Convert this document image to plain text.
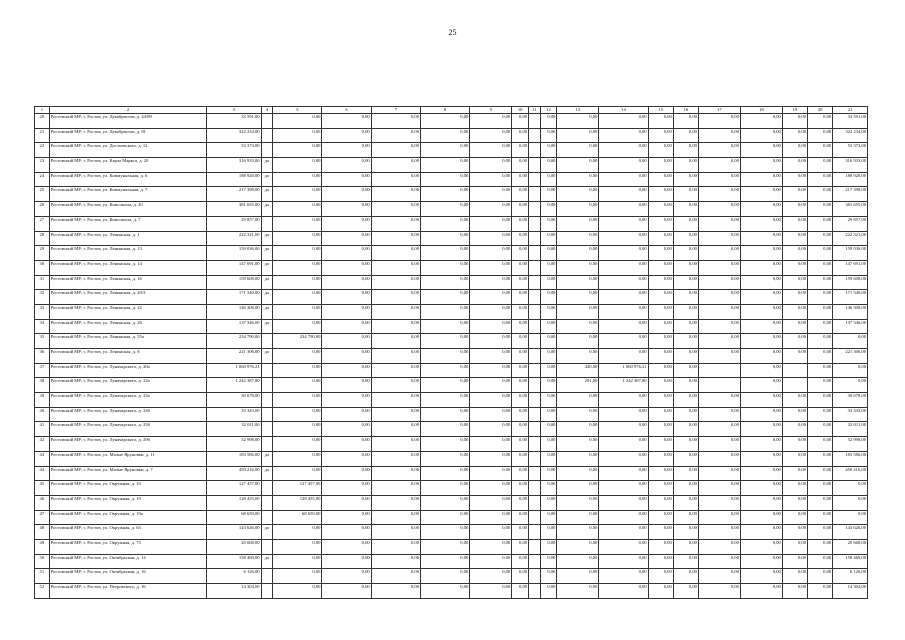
25
1	2	3	4	5	6	7	8	9	10	11	12	13	14	15	16	17	18	19	20	21
20	Ростовский МР; г. Ростов, ул. Декабристов, д. 44/89	33 591,00		0,00	0,00	0,00	0,00	0,00	0,00		0,00	0,00	0,00	0,00	0,00	0,00	0,00	0,00	0,00	33 591,00
21	Ростовский МР; г. Ростов, ул. Декабристов, д. 81	322 234,00		0,00	0,00	0,00	0,00	0,00	0,00		0,00	0,00	0,00	0,00	0,00	0,00	0,00	0,00	0,00	322 234,00
22	Ростовский МР; г. Ростов, ул. Достоевского, д. 12	53 373,00		0,00	0,00	0,00	0,00	0,00	0,00		0,00	0,00	0,00	0,00	0,00	0,00	0,00	0,00	0,00	53 373,00
23	Ростовский МР; г. Ростов, ул. Карла Маркса, д. 20	316 933,00	да	0,00	0,00	0,00	0,00	0,00	0,00		0,00	0,00	0,00	0,00	0,00	0,00	0,00	0,00	0,00	316 933,00
24	Ростовский МР; г. Ростов, ул. Коммунальная, д. 6	188 920,00	да	0,00	0,00	0,00	0,00	0,00	0,00		0,00	0,00	0,00	0,00	0,00	0,00	0,00	0,00	0,00	188 920,00
25	Ростовский МР; г. Ростов, ул. Коммунальная, д. 7	217 398,00	да	0,00	0,00	0,00	0,00	0,00	0,00		0,00	0,00	0,00	0,00	0,00	0,00	0,00	0,00	0,00	217 398,00
26	Ростовский МР; г. Ростов, ул. Комсомола, д. 20	381 655,00	да	0,00	0,00	0,00	0,00	0,00	0,00		0,00	0,00	0,00	0,00	0,00	0,00	0,00	0,00	0,00	381 655,00
27	Ростовский МР; г. Ростов, ул. Комсомола, д. 7	29 857,00		0,00	0,00	0,00	0,00	0,00	0,00		0,00	0,00	0,00	0,00	0,00	0,00	0,00	0,00	0,00	29 857,00
28	Ростовский МР; г. Ростов, ул. Ленинская, д. 1	222 321,00	да	0,00	0,00	0,00	0,00	0,00	0,00		0,00	0,00	0,00	0,00	0,00	0,00	0,00	0,00	0,00	222 321,00
29	Ростовский МР; г. Ростов, ул. Ленинская, д. 13	159 036,00	да	0,00	0,00	0,00	0,00	0,00	0,00		0,00	0,00	0,00	0,00	0,00	0,00	0,00	0,00	0,00	159 036,00
30	Ростовский МР; г. Ростов, ул. Ленинская, д. 14	147 691,00	да	0,00	0,00	0,00	0,00	0,00	0,00		0,00	0,00	0,00	0,00	0,00	0,00	0,00	0,00	0,00	147 691,00
31	Ростовский МР; г. Ростов, ул. Ленинская, д. 16	159 608,00	да	0,00	0,00	0,00	0,00	0,00	0,00		0,00	0,00	0,00	0,00	0,00	0,00	0,00	0,00	0,00	159 608,00
32	Ростовский МР; г. Ростов, ул. Ленинская, д. 20/3	171 340,00	да	0,00	0,00	0,00	0,00	0,00	0,00		0,00	0,00	0,00	0,00	0,00	0,00	0,00	0,00	0,00	171 340,00
33	Ростовский МР; г. Ростов, ул. Ленинская, д. 22	146 308,00	да	0,00	0,00	0,00	0,00	0,00	0,00		0,00	0,00	0,00	0,00	0,00	0,00	0,00	0,00	0,00	146 308,00
34	Ростовский МР; г. Ростов, ул. Ленинская, д. 26	137 346,00	да	0,00	0,00	0,00	0,00	0,00	0,00		0,00	0,00	0,00	0,00	0,00	0,00	0,00	0,00	0,00	137 346,00
35	Ростовский МР; г. Ростов, ул. Ленинская, д. 55а	234 790,00		234 790,00	0,00	0,00	0,00	0,00	0,00		0,00	0,00	0,00	0,00	0,00	0,00	0,00	0,00	0,00	0,00
36	Ростовский МР; г. Ростов, ул. Ленинская, д. 8	221 306,00	да	0,00	0,00	0,00	0,00	0,00	0,00		0,00	0,00	0,00	0,00	0,00	0,00	0,00	0,00	0,00	221 306,00
37	Ростовский МР; г. Ростов, ул. Луначарского, д. 20а	1 060 976,21		0,00	0,00	0,00	0,00	0,00	0,00		0,00	420,00	1 060 976,21	0,00	0,00		0,00		0,00	0,00
38	Ростовский МР; г. Ростов, ул. Луначарского, д. 22а	1 242 387,80		0,00	0,00	0,00	0,00	0,00	0,00		0,00	291,00	1 242 387,80	0,00	0,00		0,00		0,00	0,00
39	Ростовский МР; г. Ростов, ул. Луначарского, д. 23а	30 678,00		0,00	0,00	0,00	0,00	0,00	0,00		0,00	0,00	0,00	0,00	0,00	0,00	0,00	0,00	0,00	30 678,00
40	Ростовский МР; г. Ростов, ул. Луначарского, д. 24б	33 343,00		0,00	0,00	0,00	0,00	0,00	0,00		0,00	0,00	0,00	0,00	0,00	0,00	0,00	0,00	0,00	33 343,00
41	Ростовский МР; г. Ростов, ул. Луначарского, д. 25б	32 011,00		0,00	0,00	0,00	0,00	0,00	0,00		0,00	0,00	0,00	0,00	0,00	0,00	0,00	0,00	0,00	32 011,00
42	Ростовский МР; г. Ростов, ул. Луначарского, д. 29б	52 998,00		0,00	0,00	0,00	0,00	0,00	0,00		0,00	0,00	0,00	0,00	0,00	0,00	0,00	0,00	0,00	52 998,00
43	Ростовский МР; г. Ростов, ул. Малые Яруновки, д. 11	183 586,00	да	0,00	0,00	0,00	0,00	0,00	0,00		0,00	0,00	0,00	0,00	0,00	0,00	0,00	0,00	0,00	183 586,00
44	Ростовский МР; г. Ростов, ул. Малые Яруновки, д. 7	450 216,00	да	0,00	0,00	0,00	0,00	0,00	0,00		0,00	0,00	0,00	0,00	0,00	0,00	0,00	0,00	0,00	450 216,00
45	Ростовский МР; г. Ростов, ул. Окружная, д. 10	127 457,00		127 457,00	0,00	0,00	0,00	0,00	0,00		0,00	0,00	0,00	0,00	0,00	0,00	0,00	0,00	0,00	0,00
46	Ростовский МР; г. Ростов, ул. Окружная, д. 19	128 455,00		128 455,00	0,00	0,00	0,00	0,00	0,00		0,00	0,00	0,00	0,00	0,00	0,00	0,00	0,00	0,00	0,00
47	Ростовский МР; г. Ростов, ул. Окружная, д. 19а	68 659,00		68 659,00	0,00	0,00	0,00	0,00	0,00		0,00	0,00	0,00	0,00	0,00	0,00	0,00	0,00	0,00	0,00
48	Ростовский МР; г. Ростов, ул. Окружная, д. 63	143 626,00	да	0,00	0,00	0,00	0,00	0,00	0,00		0,00	0,00	0,00	0,00	0,00	0,00	0,00	0,00	0,00	143 626,00
49	Ростовский МР; г. Ростов, ул. Окружная, д. 73	20 668,00		0,00	0,00	0,00	0,00	0,00	0,00		0,00	0,00	0,00	0,00	0,00	0,00	0,00	0,00	0,00	20 668,00
50	Ростовский МР; г. Ростов, ул. Октябрьская, д. 14	158 469,00	да	0,00	0,00	0,00	0,00	0,00	0,00		0,00	0,00	0,00	0,00	0,00	0,00	0,00	0,00	0,00	158 469,00
51	Ростовский МР; г. Ростов, ул. Октябрьская, д. 16	6 126,00		0,00	0,00	0,00	0,00	0,00	0,00		0,00	0,00	0,00	0,00	0,00	0,00	0,00	0,00	0,00	6 126,00
52	Ростовский МР; г. Ростов, ул. Петровского, д. 16	14 304,00		0,00	0,00	0,00	0,00	0,00	0,00		0,00	0,00	0,00	0,00	0,00	0,00	0,00	0,00	0,00	14 304,00
